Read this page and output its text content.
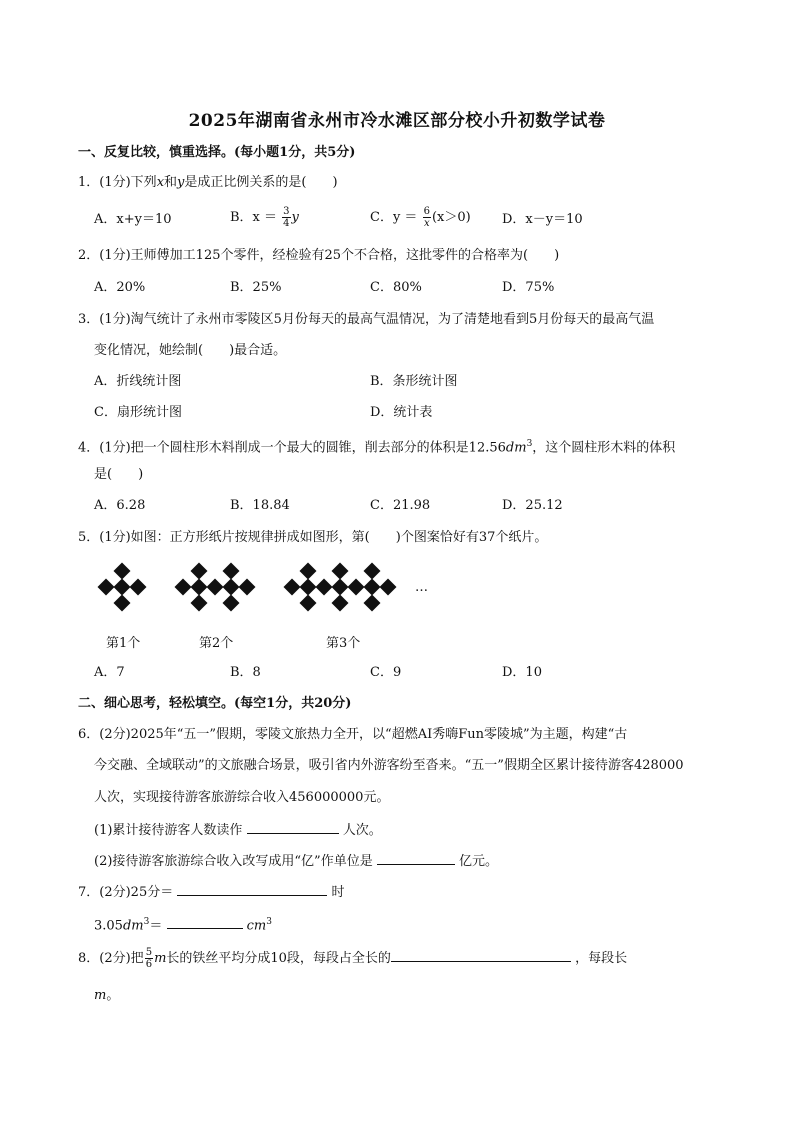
2025年湖南省永州市冷水滩区部分校小升初数学试卷
一、反复比较，慎重选择。(每小题1分，共5分)
1．(1分)下列x和y是成正比例关系的是(　　)
A．x+y＝10	B．$x = \frac{3}{4}$ y	C．$y = \frac{6}{x} (x>0)$ D．x－y＝10
2．(1分)王师傅加工125个零件，经检验有25个不合格，这批零件的合格率为(　　)
A．20%	B．25%	C．80%	D．75%
3．(1分)淘气统计了永州市零陵区5月份每天的最高气温情况，为了清楚地看到5月份每天的最高气温
变化情况，她绘制(　　)最合适。
A．折线统计图	B．条形统计图
C．扇形统计图	D．统计表
4．(1分)把一个圆柱形木料削成一个最大的圆锥，削去部分的体积是$12.56dm^3$，这个圆柱形木料的体积
是(　　)
A．6.28	B．18.84	C．21.98	D．25.12
5．(1分)如图：正方形纸片按规律拼成如图形，第(　　)个图案恰好有37个纸片。
…
第1个	第2个	第3个
A．7	B．8	C．9	D．10
二、细心思考，轻松填空。(每空1分，共20分)
6．(2分)2025年“五一”假期，零陵文旅热力全开，以“超燃AI秀嗨Fun零陵城”为主题，构建“古
今交融、全域联动”的文旅融合场景，吸引省内外游客纷至沓来。“五一”假期全区累计接待游客428000
人次，实现接待游客旅游综合收入456000000元。
(1)累计接待游客人数读作	人次。
(2)接待游客旅游综合收入改写成用“亿”作单位是	亿元。
7．(2分)25分＝	时
$3.05dm^3=$	$cm^3$
8．(2分)把 $\frac{5}{6}$ m长的铁丝平均分成10段，每段占全长的	，每段长
m。
